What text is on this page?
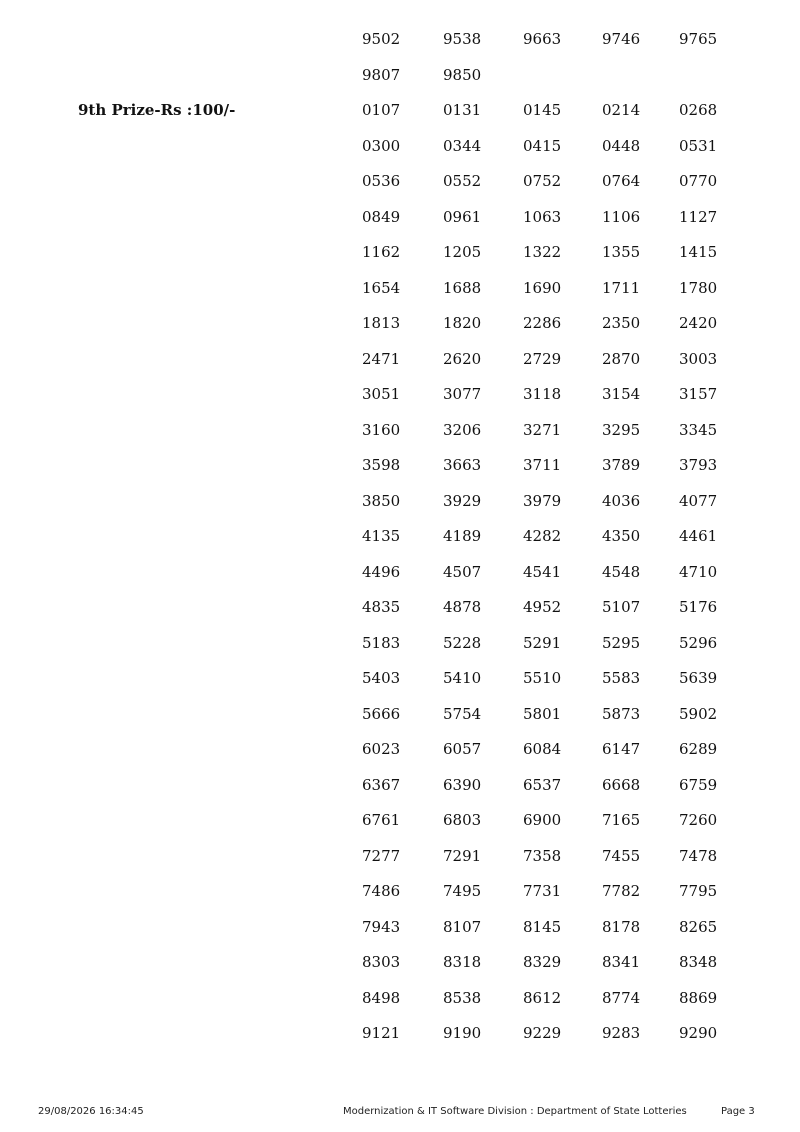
9502	9538	9663	9746	9765
9807	9850
9th Prize-Rs :100/-	0107	0131	0145	0214	0268
0300	0344	0415	0448	0531
0536	0552	0752	0764	0770
0849	0961	1063	1106	1127
1162	1205	1322	1355	1415
1654	1688	1690	1711	1780
1813	1820	2286	2350	2420
2471	2620	2729	2870	3003
3051	3077	3118	3154	3157
3160	3206	3271	3295	3345
3598	3663	3711	3789	3793
3850	3929	3979	4036	4077
4135	4189	4282	4350	4461
4496	4507	4541	4548	4710
4835	4878	4952	5107	5176
5183	5228	5291	5295	5296
5403	5410	5510	5583	5639
5666	5754	5801	5873	5902
6023	6057	6084	6147	6289
6367	6390	6537	6668	6759
6761	6803	6900	7165	7260
7277	7291	7358	7455	7478
7486	7495	7731	7782	7795
7943	8107	8145	8178	8265
8303	8318	8329	8341	8348
8498	8538	8612	8774	8869
9121	9190	9229	9283	9290
29/08/2026 16:34:45	Modernization & IT Software Division : Department of State Lotteries	Page 3
